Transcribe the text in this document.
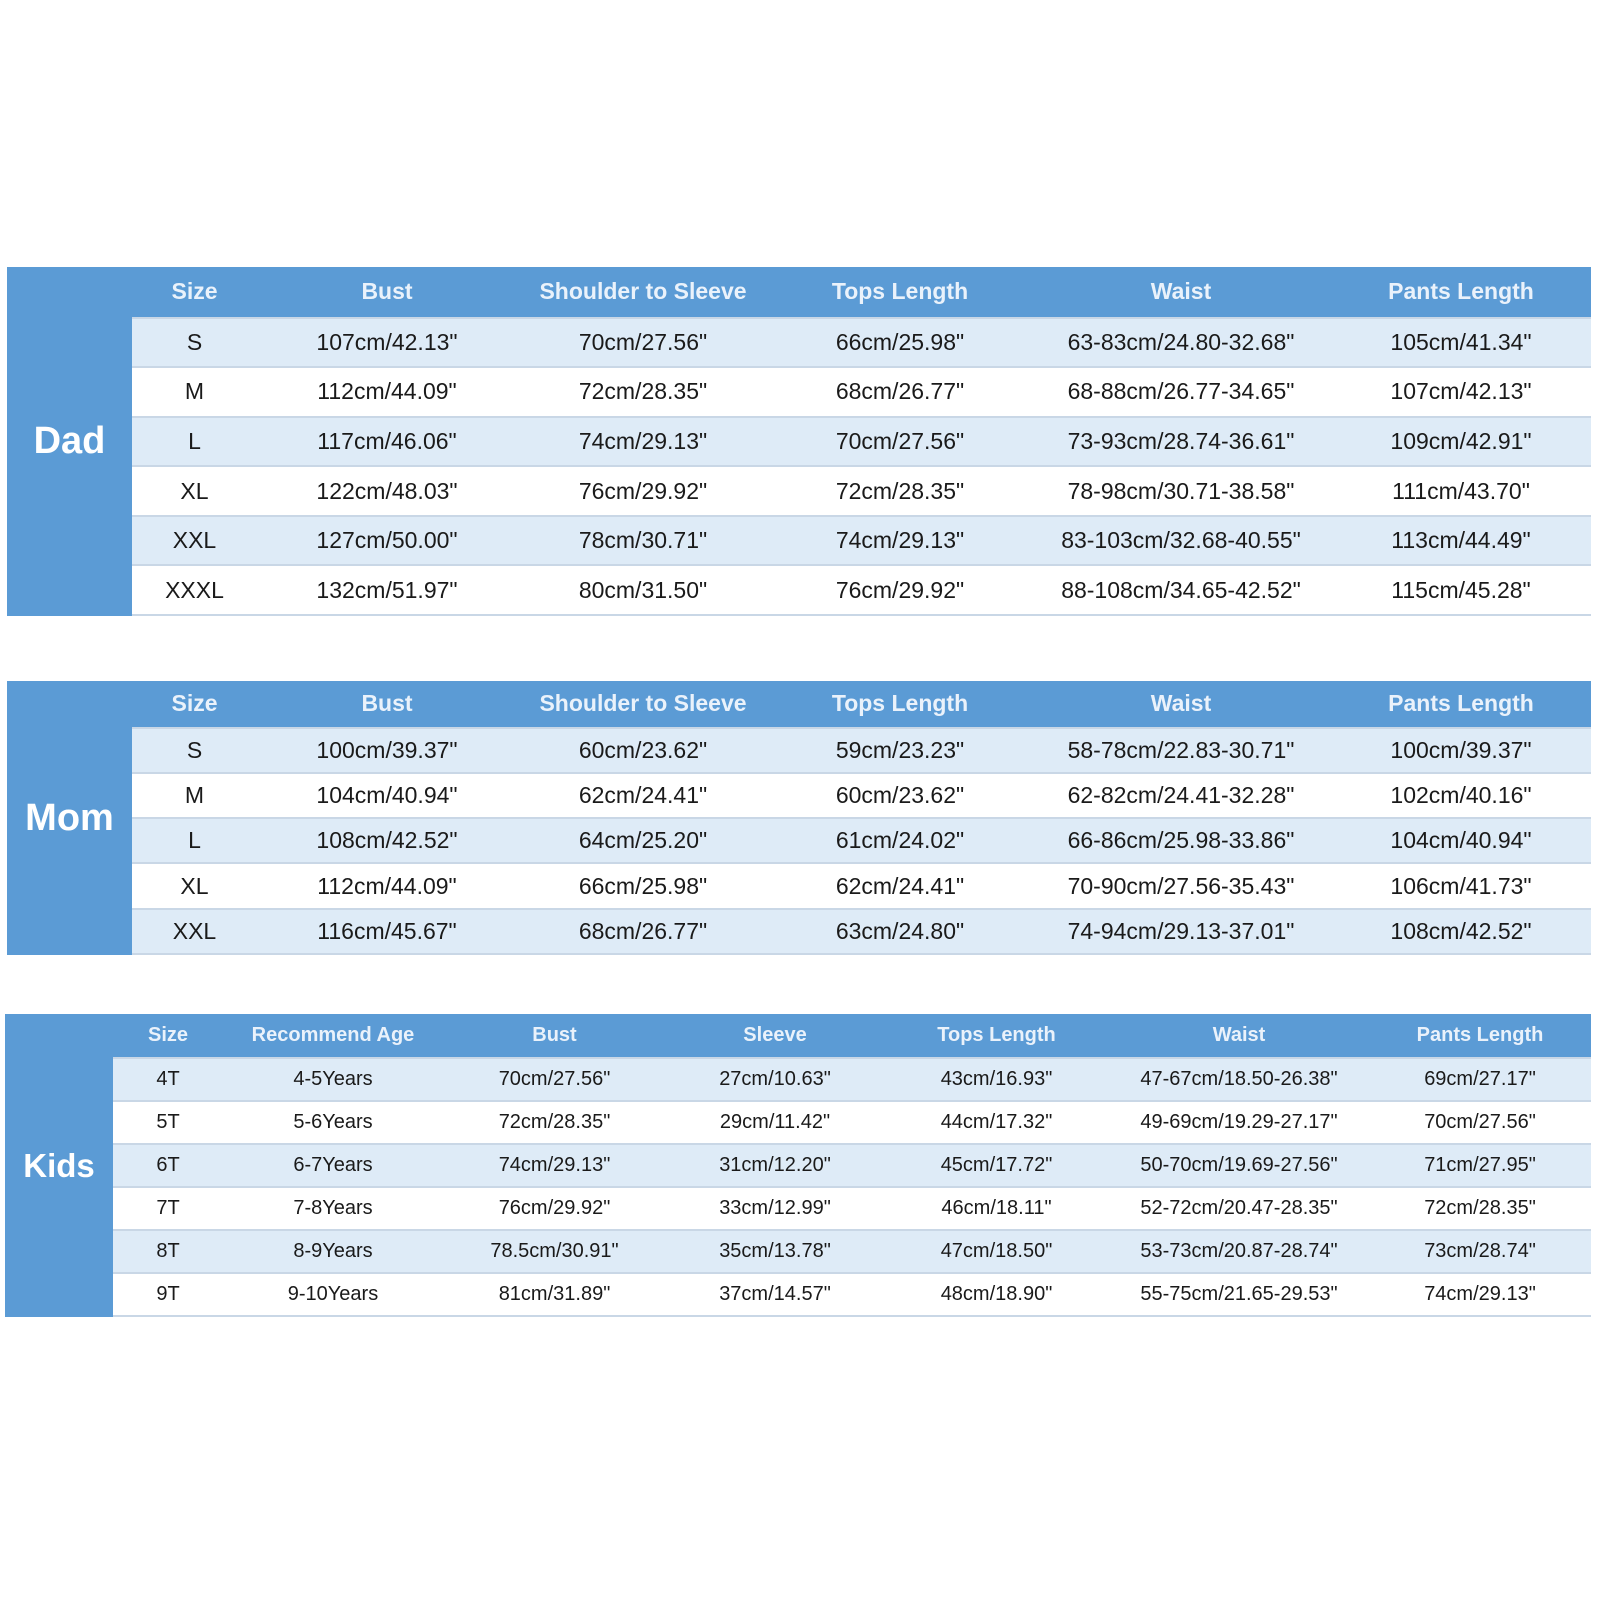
Dad
Size	Bust	Shoulder to Sleeve	Tops Length	Waist	Pants Length
S	107cm/42.13"	70cm/27.56"	66cm/25.98"	63-83cm/24.80-32.68"	105cm/41.34"
M	112cm/44.09"	72cm/28.35"	68cm/26.77"	68-88cm/26.77-34.65"	107cm/42.13"
L	117cm/46.06"	74cm/29.13"	70cm/27.56"	73-93cm/28.74-36.61"	109cm/42.91"
XL	122cm/48.03"	76cm/29.92"	72cm/28.35"	78-98cm/30.71-38.58"	111cm/43.70"
XXL	127cm/50.00"	78cm/30.71"	74cm/29.13"	83-103cm/32.68-40.55"	113cm/44.49"
XXXL	132cm/51.97"	80cm/31.50"	76cm/29.92"	88-108cm/34.65-42.52"	115cm/45.28"
Mom
Size	Bust	Shoulder to Sleeve	Tops Length	Waist	Pants Length
S	100cm/39.37"	60cm/23.62"	59cm/23.23"	58-78cm/22.83-30.71"	100cm/39.37"
M	104cm/40.94"	62cm/24.41"	60cm/23.62"	62-82cm/24.41-32.28"	102cm/40.16"
L	108cm/42.52"	64cm/25.20"	61cm/24.02"	66-86cm/25.98-33.86"	104cm/40.94"
XL	112cm/44.09"	66cm/25.98"	62cm/24.41"	70-90cm/27.56-35.43"	106cm/41.73"
XXL	116cm/45.67"	68cm/26.77"	63cm/24.80"	74-94cm/29.13-37.01"	108cm/42.52"
Kids
Size	Recommend Age	Bust	Sleeve	Tops Length	Waist	Pants Length
4T	4-5Years	70cm/27.56"	27cm/10.63"	43cm/16.93"	47-67cm/18.50-26.38"	69cm/27.17"
5T	5-6Years	72cm/28.35"	29cm/11.42"	44cm/17.32"	49-69cm/19.29-27.17"	70cm/27.56"
6T	6-7Years	74cm/29.13"	31cm/12.20"	45cm/17.72"	50-70cm/19.69-27.56"	71cm/27.95"
7T	7-8Years	76cm/29.92"	33cm/12.99"	46cm/18.11"	52-72cm/20.47-28.35"	72cm/28.35"
8T	8-9Years	78.5cm/30.91"	35cm/13.78"	47cm/18.50"	53-73cm/20.87-28.74"	73cm/28.74"
9T	9-10Years	81cm/31.89"	37cm/14.57"	48cm/18.90"	55-75cm/21.65-29.53"	74cm/29.13"
